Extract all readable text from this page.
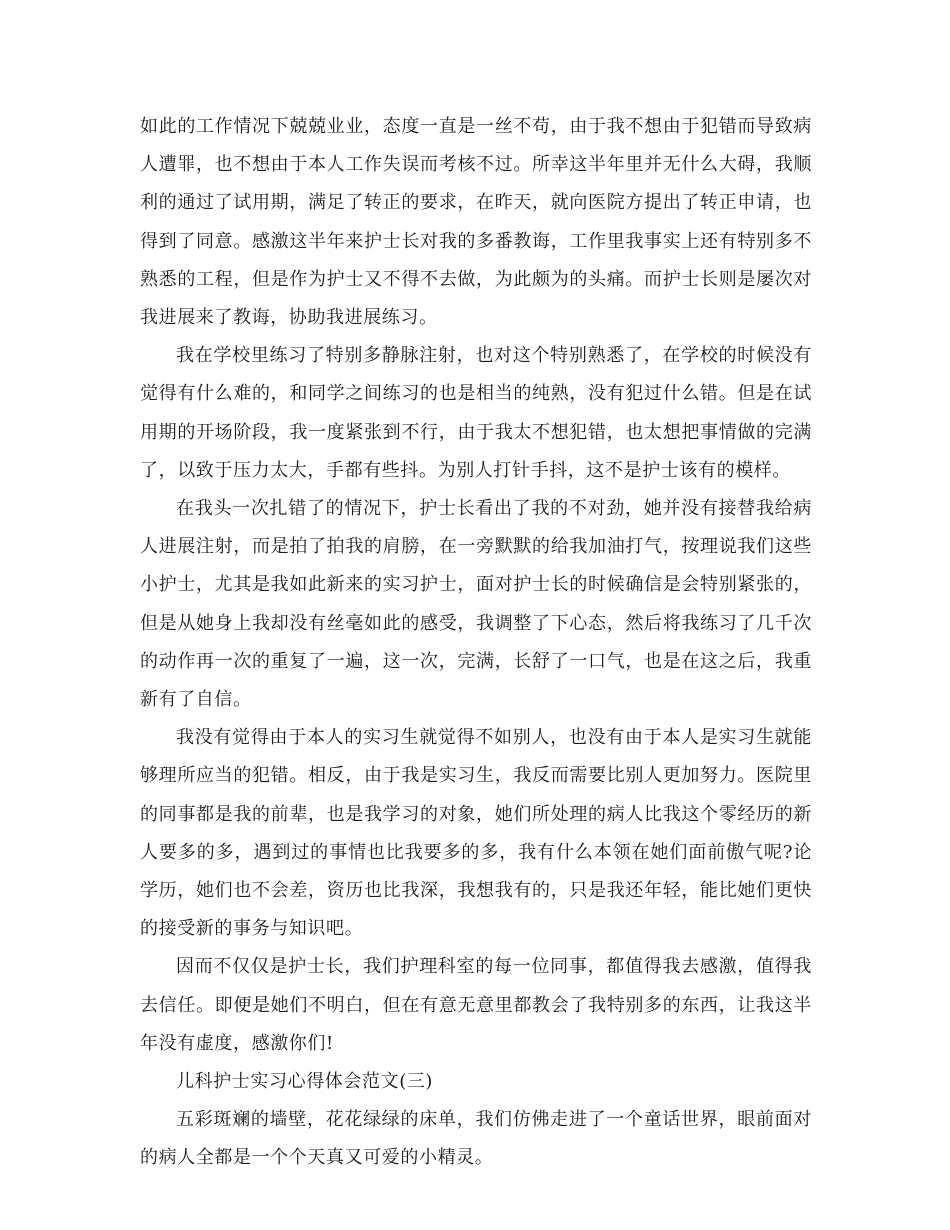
如此的工作情况下兢兢业业，态度一直是一丝不苟，由于我不想由于犯错而导致病人遭罪，也不想由于本人工作失误而考核不过。所幸这半年里并无什么大碍，我顺利的通过了试用期，满足了转正的要求，在昨天，就向医院方提出了转正申请，也得到了同意。感激这半年来护士长对我的多番教诲，工作里我事实上还有特别多不熟悉的工程，但是作为护士又不得不去做，为此颇为的头痛。而护士长则是屡次对我进展来了教诲，协助我进展练习。

我在学校里练习了特别多静脉注射，也对这个特别熟悉了，在学校的时候没有觉得有什么难的，和同学之间练习的也是相当的纯熟，没有犯过什么错。但是在试用期的开场阶段，我一度紧张到不行，由于我太不想犯错，也太想把事情做的完满了，以致于压力太大，手都有些抖。为别人打针手抖，这不是护士该有的模样。

在我头一次扎错了的情况下，护士长看出了我的不对劲，她并没有接替我给病人进展注射，而是拍了拍我的肩膀，在一旁默默的给我加油打气，按理说我们这些小护士，尤其是我如此新来的实习护士，面对护士长的时候确信是会特别紧张的，但是从她身上我却没有丝毫如此的感受，我调整了下心态，然后将我练习了几千次的动作再一次的重复了一遍，这一次，完满，长舒了一口气，也是在这之后，我重新有了自信。

我没有觉得由于本人的实习生就觉得不如别人，也没有由于本人是实习生就能够理所应当的犯错。相反，由于我是实习生，我反而需要比别人更加努力。医院里的同事都是我的前辈，也是我学习的对象，她们所处理的病人比我这个零经历的新人要多的多，遇到过的事情也比我要多的多，我有什么本领在她们面前傲气呢?论学历，她们也不会差，资历也比我深，我想我有的，只是我还年轻，能比她们更快的接受新的事务与知识吧。

因而不仅仅是护士长，我们护理科室的每一位同事，都值得我去感激，值得我去信任。即便是她们不明白，但在有意无意里都教会了我特别多的东西，让我这半年没有虚度，感激你们!

儿科护士实习心得体会范文(三)

五彩斑斓的墙壁，花花绿绿的床单，我们仿佛走进了一个童话世界，眼前面对的病人全都是一个个天真又可爱的小精灵。
